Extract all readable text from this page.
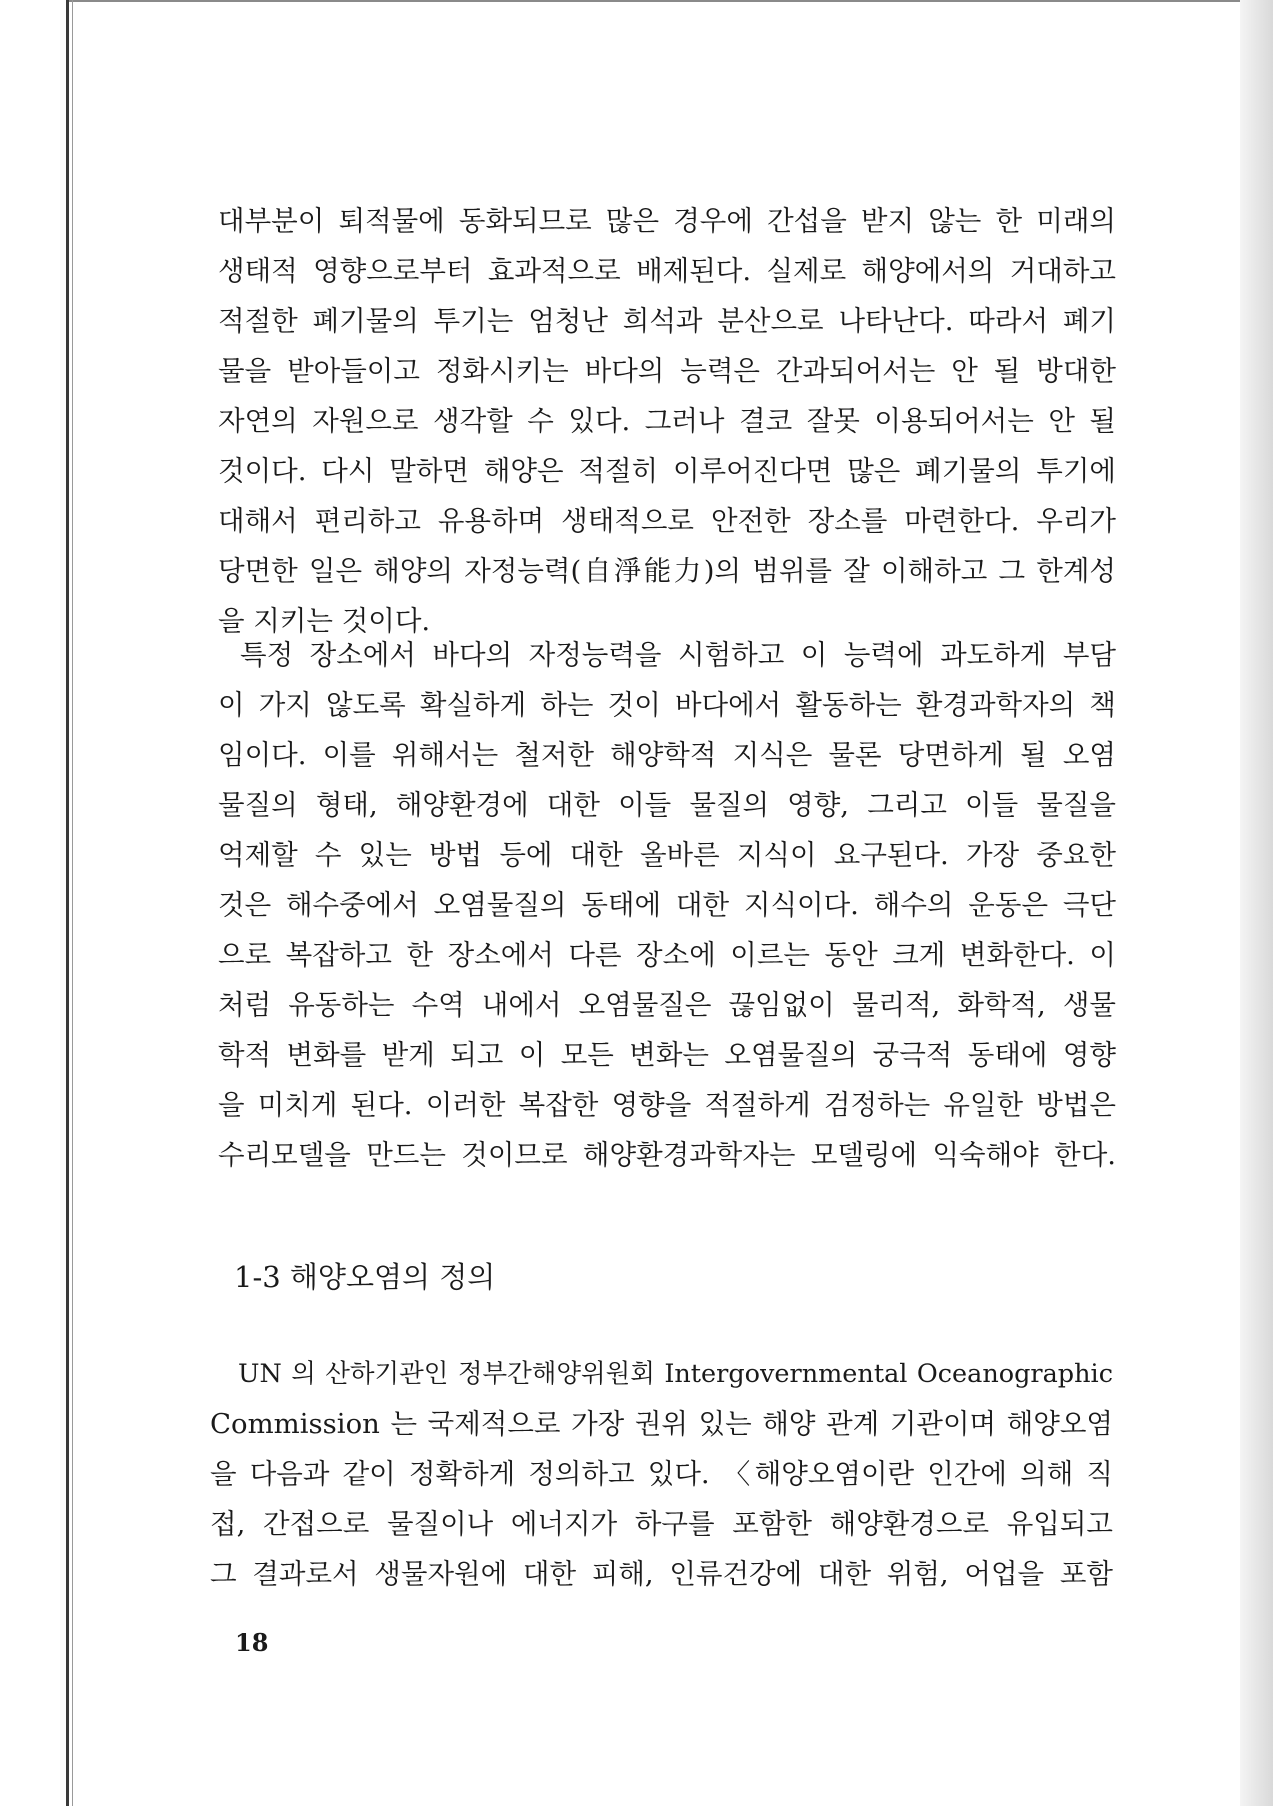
대부분이 퇴적물에 동화되므로 많은 경우에 간섭을 받지 않는 한 미래의
생태적 영향으로부터 효과적으로 배제된다. 실제로 해양에서의 거대하고
적절한 폐기물의 투기는 엄청난 희석과 분산으로 나타난다. 따라서 폐기
물을 받아들이고 정화시키는 바다의 능력은 간과되어서는 안 될 방대한
자연의 자원으로 생각할 수 있다. 그러나 결코 잘못 이용되어서는 안 될
것이다. 다시 말하면 해양은 적절히 이루어진다면 많은 폐기물의 투기에
대해서 편리하고 유용하며 생태적으로 안전한 장소를 마련한다. 우리가
당면한 일은 해양의 자정능력(自淨能力)의 범위를 잘 이해하고 그 한계성
을 지키는 것이다.
특정 장소에서 바다의 자정능력을 시험하고 이 능력에 과도하게 부담
이 가지 않도록 확실하게 하는 것이 바다에서 활동하는 환경과학자의 책
임이다. 이를 위해서는 철저한 해양학적 지식은 물론 당면하게 될 오염
물질의 형태, 해양환경에 대한 이들 물질의 영향, 그리고 이들 물질을
억제할 수 있는 방법 등에 대한 올바른 지식이 요구된다. 가장 중요한
것은 해수중에서 오염물질의 동태에 대한 지식이다. 해수의 운동은 극단
으로 복잡하고 한 장소에서 다른 장소에 이르는 동안 크게 변화한다. 이
처럼 유동하는 수역 내에서 오염물질은 끊임없이 물리적, 화학적, 생물
학적 변화를 받게 되고 이 모든 변화는 오염물질의 궁극적 동태에 영향
을 미치게 된다. 이러한 복잡한 영향을 적절하게 검정하는 유일한 방법은
수리모델을 만드는 것이므로 해양환경과학자는 모델링에 익숙해야 한다.
1-3 해양오염의 정의
UN 의 산하기관인 정부간해양위원회 Intergovernmental Oceanographic
Commission 는 국제적으로 가장 권위 있는 해양 관계 기관이며 해양오염
을 다음과 같이 정확하게 정의하고 있다. 〈해양오염이란 인간에 의해 직
접, 간접으로 물질이나 에너지가 하구를 포함한 해양환경으로 유입되고
그 결과로서 생물자원에 대한 피해, 인류건강에 대한 위험, 어업을 포함
18
